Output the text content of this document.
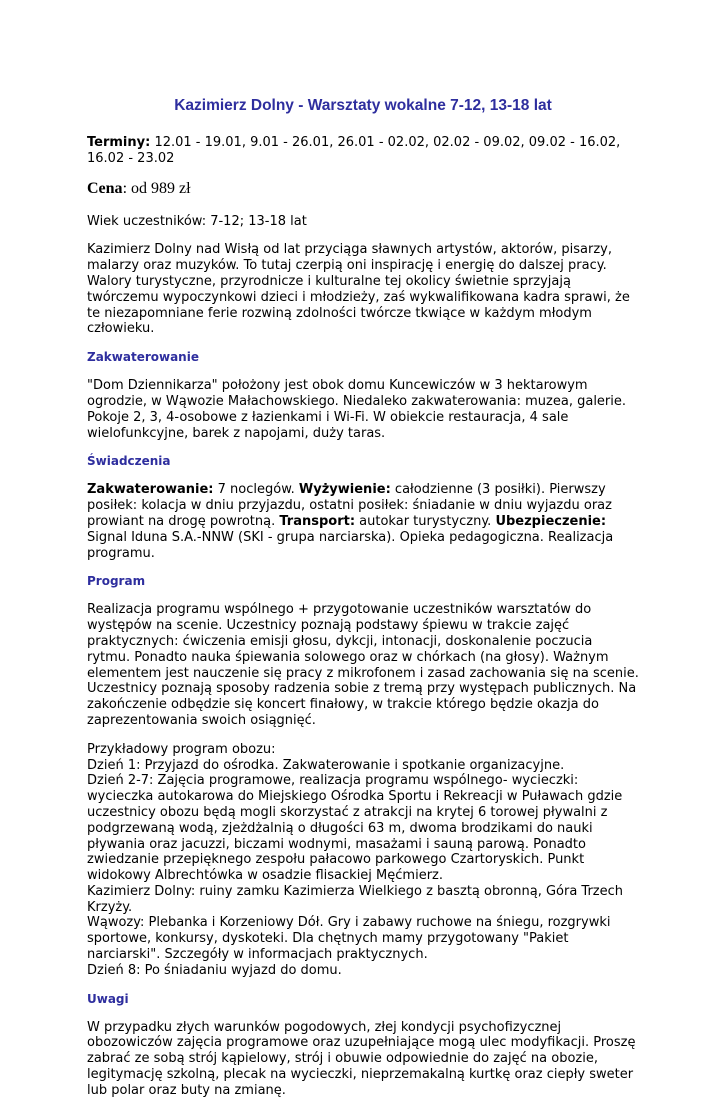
Kazimierz Dolny - Warsztaty wokalne 7-12, 13-18 lat

Terminy: 12.01 - 19.01, 9.01 - 26.01, 26.01 - 02.02, 02.02 - 09.02, 09.02 - 16.02, 16.02 - 23.02

Cena: od 989 zł

Wiek uczestników: 7-12; 13-18 lat

Kazimierz Dolny nad Wisłą od lat przyciąga sławnych artystów, aktorów, pisarzy, malarzy oraz muzyków. To tutaj czerpią oni inspirację i energię do dalszej pracy. Walory turystyczne, przyrodnicze i kulturalne tej okolicy świetnie sprzyjają twórczemu wypoczynkowi dzieci i młodzieży, zaś wykwalifikowana kadra sprawi, że te niezapomniane ferie rozwiną zdolności twórcze tkwiące w każdym młodym człowieku.

Zakwaterowanie

"Dom Dziennikarza" położony jest obok domu Kuncewiczów w 3 hektarowym ogrodzie, w Wąwozie Małachowskiego. Niedaleko zakwaterowania: muzea, galerie. Pokoje 2, 3, 4-osobowe z łazienkami i Wi-Fi. W obiekcie restauracja, 4 sale wielofunkcyjne, barek z napojami, duży taras.

Świadczenia

Zakwaterowanie: 7 noclegów. Wyżywienie: całodzienne (3 posiłki). Pierwszy posiłek: kolacja w dniu przyjazdu, ostatni posiłek: śniadanie w dniu wyjazdu oraz prowiant na drogę powrotną. Transport: autokar turystyczny. Ubezpieczenie: Signal Iduna S.A.-NNW (SKI - grupa narciarska). Opieka pedagogiczna. Realizacja programu.

Program

Realizacja programu wspólnego + przygotowanie uczestników warsztatów do występów na scenie. Uczestnicy poznają podstawy śpiewu w trakcie zajęć praktycznych: ćwiczenia emisji głosu, dykcji, intonacji, doskonalenie poczucia rytmu. Ponadto nauka śpiewania solowego oraz w chórkach (na głosy). Ważnym elementem jest nauczenie się pracy z mikrofonem i zasad zachowania się na scenie. Uczestnicy poznają sposoby radzenia sobie z tremą przy występach publicznych. Na zakończenie odbędzie się koncert finałowy, w trakcie którego będzie okazja do zaprezentowania swoich osiągnięć.

Przykładowy program obozu:
Dzień 1: Przyjazd do ośrodka. Zakwaterowanie i spotkanie organizacyjne.
Dzień 2-7: Zajęcia programowe, realizacja programu wspólnego- wycieczki: wycieczka autokarowa do Miejskiego Ośrodka Sportu i Rekreacji w Puławach gdzie uczestnicy obozu będą mogli skorzystać z atrakcji na krytej 6 torowej pływalni z podgrzewaną wodą, zjeżdżalnią o długości 63 m, dwoma brodzikami do nauki pływania oraz jacuzzi, biczami wodnymi, masażami i sauną parową. Ponadto zwiedzanie przepięknego zespołu pałacowo parkowego Czartoryskich. Punkt widokowy Albrechtówka w osadzie flisackiej Męćmierz.
Kazimierz Dolny: ruiny zamku Kazimierza Wielkiego z basztą obronną, Góra Trzech Krzyży.
Wąwozy: Plebanka i Korzeniowy Dół. Gry i zabawy ruchowe na śniegu, rozgrywki sportowe, konkursy, dyskoteki. Dla chętnych mamy przygotowany "Pakiet narciarski". Szczegóły w informacjach praktycznych.
Dzień 8: Po śniadaniu wyjazd do domu.

Uwagi

W przypadku złych warunków pogodowych, złej kondycji psychofizycznej obozowiczów zajęcia programowe oraz uzupełniające mogą ulec modyfikacji. Proszę zabrać ze sobą strój kąpielowy, strój i obuwie odpowiednie do zajęć na obozie, legitymację szkolną, plecak na wycieczki, nieprzemakalną kurtkę oraz ciepły sweter lub polar oraz buty na zmianę.
